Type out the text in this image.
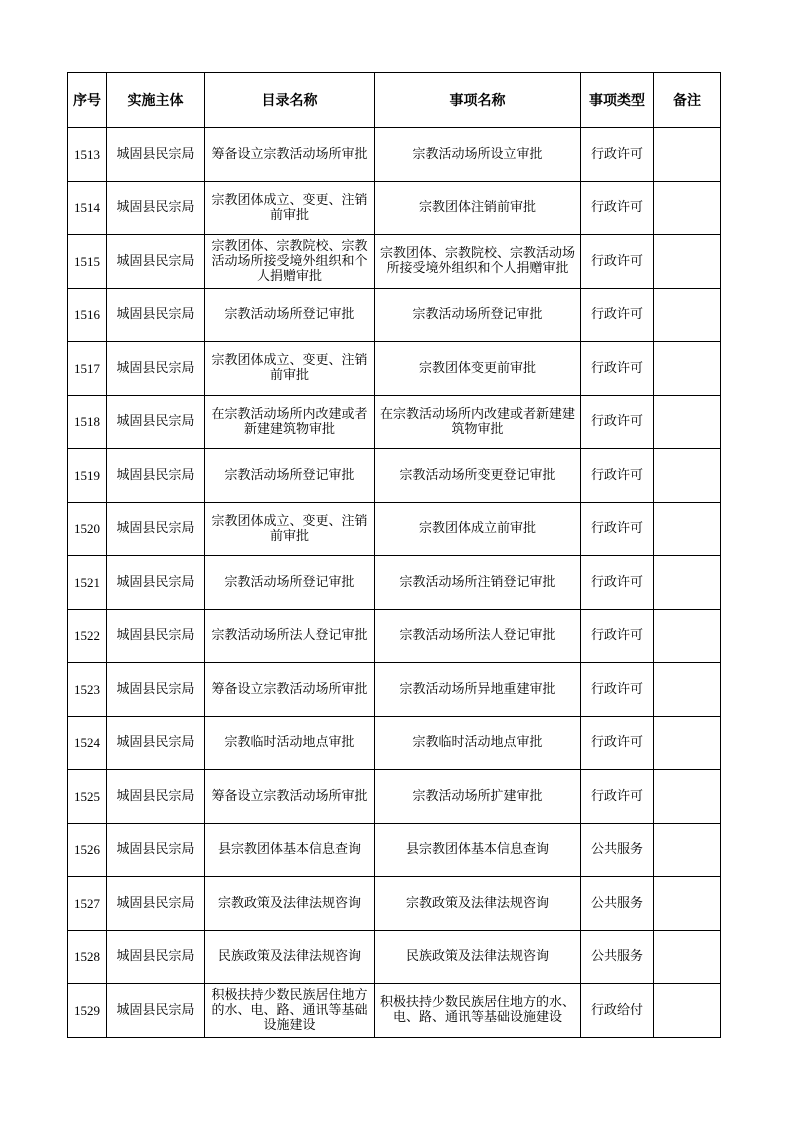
序号	实施主体	目录名称	事项名称	事项类型	备注
1513	城固县民宗局	筹备设立宗教活动场所审批	宗教活动场所设立审批	行政许可	
1514	城固县民宗局	宗教团体成立、变更、注销前审批	宗教团体注销前审批	行政许可	
1515	城固县民宗局	宗教团体、宗教院校、宗教活动场所接受境外组织和个人捐赠审批	宗教团体、宗教院校、宗教活动场所接受境外组织和个人捐赠审批	行政许可	
1516	城固县民宗局	宗教活动场所登记审批	宗教活动场所登记审批	行政许可	
1517	城固县民宗局	宗教团体成立、变更、注销前审批	宗教团体变更前审批	行政许可	
1518	城固县民宗局	在宗教活动场所内改建或者新建建筑物审批	在宗教活动场所内改建或者新建建筑物审批	行政许可	
1519	城固县民宗局	宗教活动场所登记审批	宗教活动场所变更登记审批	行政许可	
1520	城固县民宗局	宗教团体成立、变更、注销前审批	宗教团体成立前审批	行政许可	
1521	城固县民宗局	宗教活动场所登记审批	宗教活动场所注销登记审批	行政许可	
1522	城固县民宗局	宗教活动场所法人登记审批	宗教活动场所法人登记审批	行政许可	
1523	城固县民宗局	筹备设立宗教活动场所审批	宗教活动场所异地重建审批	行政许可	
1524	城固县民宗局	宗教临时活动地点审批	宗教临时活动地点审批	行政许可	
1525	城固县民宗局	筹备设立宗教活动场所审批	宗教活动场所扩建审批	行政许可	
1526	城固县民宗局	县宗教团体基本信息查询	县宗教团体基本信息查询	公共服务	
1527	城固县民宗局	宗教政策及法律法规咨询	宗教政策及法律法规咨询	公共服务	
1528	城固县民宗局	民族政策及法律法规咨询	民族政策及法律法规咨询	公共服务	
1529	城固县民宗局	积极扶持少数民族居住地方的水、电、路、通讯等基础设施建设	积极扶持少数民族居住地方的水、电、路、通讯等基础设施建设	行政给付	
